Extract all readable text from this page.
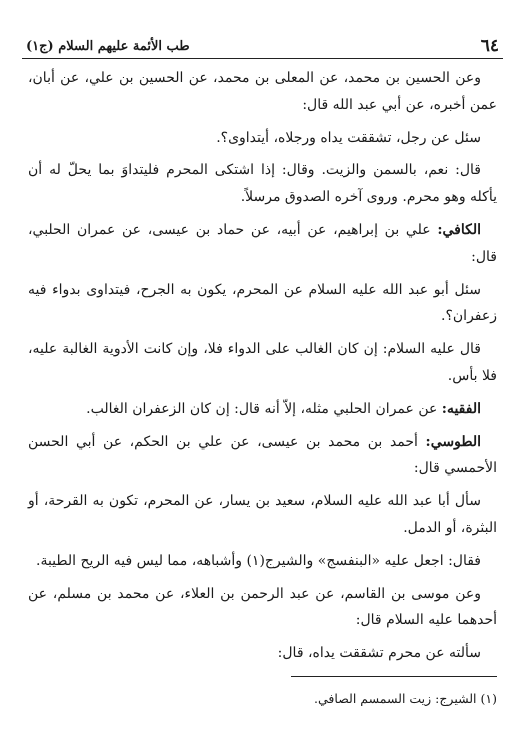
٦٤
طب الأئمة عليهم السلام (ج١)

وعن الحسين بن محمد، عن المعلى بن محمد، عن الحسين بن علي، عن أبان، عمن أخبره، عن أبي عبد الله قال:

سئل عن رجل، تشققت يداه ورجلاه، أيتداوى؟.

قال: نعم، بالسمن والزيت. وقال: إذا اشتكى المحرم فليتداوَ بما يحلّ له أن يأكله وهو محرم. وروى آخره الصدوق مرسلاً.

الكافي: علي بن إبراهيم، عن أبيه، عن حماد بن عيسى، عن عمران الحلبي، قال:

سئل أبو عبد الله عليه السلام عن المحرم، يكون به الجرح، فيتداوى بدواء فيه زعفران؟.

قال عليه السلام: إن كان الغالب على الدواء فلا، وإن كانت الأدوية الغالبة عليه، فلا بأس.

الفقيه: عن عمران الحلبي مثله، إلاّ أنه قال: إن كان الزعفران الغالب.

الطوسي: أحمد بن محمد بن عيسى، عن علي بن الحكم، عن أبي الحسن الأحمسي قال:

سأل أبا عبد الله عليه السلام، سعيد بن يسار، عن المحرم، تكون به القرحة، أو البثرة، أو الدمل.

فقال: اجعل عليه «البنفسج» والشيرج(١) وأشباهه، مما ليس فيه الريح الطيبة.

وعن موسى بن القاسم، عن عبد الرحمن بن العلاء، عن محمد بن مسلم، عن أحدهما عليه السلام قال:

سألته عن محرم تشققت يداه، قال:

(١) الشيرج: زيت السمسم الصافي.
